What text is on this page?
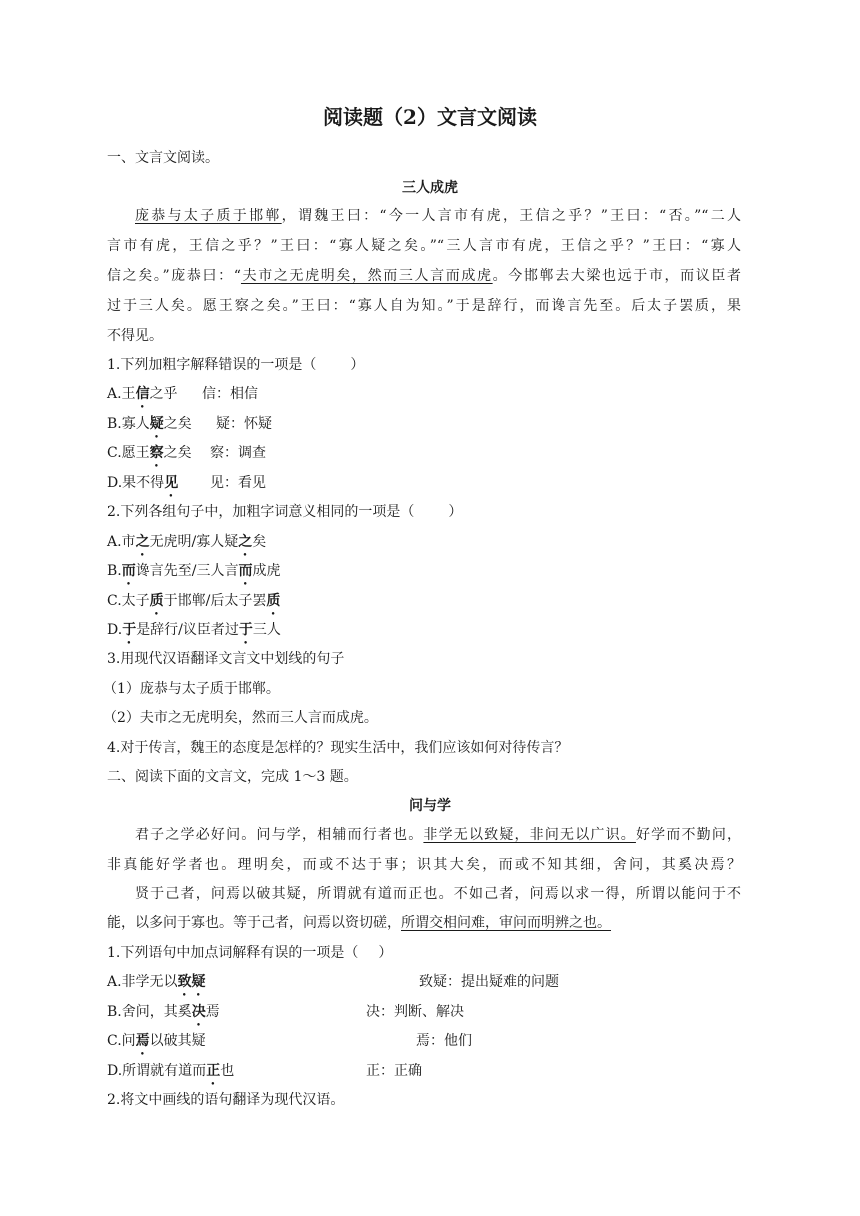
阅读题（2）文言文阅读
一、文言文阅读。
三人成虎
庞恭与太子质于邯郸，谓魏王曰：“今一人言市有虎，王信之乎？”王曰：“否。”“二人
言市有虎，王信之乎？”王曰：“寡人疑之矣。”“三人言市有虎，王信之乎？”王曰：“寡人
信之矣。”庞恭曰：“夫市之无虎明矣，然而三人言而成虎。今邯郸去大梁也远于市，而议臣者
过于三人矣。愿王察之矣。”王曰：“寡人自为知。”于是辞行，而谗言先至。后太子罢质，果
不得见。
1.下列加粗字解释错误的一项是（ ）
A.王信之乎 信：相信
B.寡人疑之矣 疑：怀疑
C.愿王察之矣 察：调查
D.果不得见 见：看见
2.下列各组句子中，加粗字词意义相同的一项是（ ）
A.市之无虎明/寡人疑之矣
B.而谗言先至/三人言而成虎
C.太子质于邯郸/后太子罢质
D.于是辞行/议臣者过于三人
3.用现代汉语翻译文言文中划线的句子
（1）庞恭与太子质于邯郸。
（2）夫市之无虎明矣，然而三人言而成虎。
4.对于传言，魏王的态度是怎样的？现实生活中，我们应该如何对待传言？
二、阅读下面的文言文，完成 1～3 题。
问与学
君子之学必好问。问与学，相辅而行者也。非学无以致疑，非问无以广识。好学而不勤问，
非真能好学者也。理明矣，而或不达于事；识其大矣，而或不知其细，舍问，其奚决焉？
贤于己者，问焉以破其疑，所谓就有道而正也。不如己者，问焉以求一得，所谓以能问于不
能，以多问于寡也。等于己者，问焉以资切磋，所谓交相问难，审问而明辨之也。
1.下列语句中加点词解释有误的一项是（ ）
A.非学无以致疑	致疑：提出疑难的问题
B.舍问，其奚决焉	决：判断、解决
C.问焉以破其疑	焉：他们
D.所谓就有道而正也	正：正确
2.将文中画线的语句翻译为现代汉语。
